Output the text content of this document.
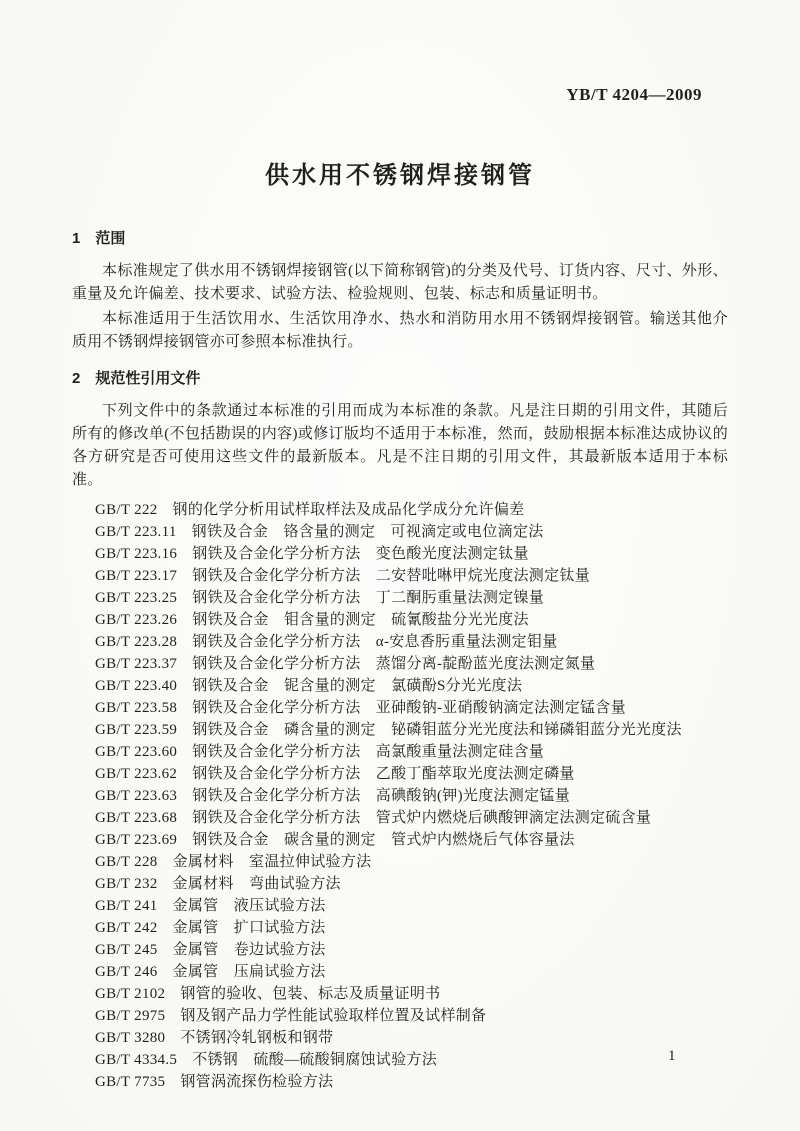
YB/T 4204—2009
供水用不锈钢焊接钢管
1 范围

本标准规定了供水用不锈钢焊接钢管(以下简称钢管)的分类及代号、订货内容、尺寸、外形、重量及允许偏差、技术要求、试验方法、检验规则、包装、标志和质量证明书。

本标准适用于生活饮用水、生活饮用净水、热水和消防用水用不锈钢焊接钢管。输送其他介质用不锈钢焊接钢管亦可参照本标准执行。

2 规范性引用文件

下列文件中的条款通过本标准的引用而成为本标准的条款。凡是注日期的引用文件，其随后所有的修改单(不包括勘误的内容)或修订版均不适用于本标准，然而，鼓励根据本标准达成协议的各方研究是否可使用这些文件的最新版本。凡是不注日期的引用文件，其最新版本适用于本标准。

GB/T 222 钢的化学分析用试样取样法及成品化学成分允许偏差
GB/T 223.11 钢铁及合金　铬含量的测定　可视滴定或电位滴定法
GB/T 223.16 钢铁及合金化学分析方法　变色酸光度法测定钛量
GB/T 223.17 钢铁及合金化学分析方法　二安替吡啉甲烷光度法测定钛量
GB/T 223.25 钢铁及合金化学分析方法　丁二酮肟重量法测定镍量
GB/T 223.26 钢铁及合金　钼含量的测定　硫氰酸盐分光光度法
GB/T 223.28 钢铁及合金化学分析方法　α-安息香肟重量法测定钼量
GB/T 223.37 钢铁及合金化学分析方法　蒸馏分离-靛酚蓝光度法测定氮量
GB/T 223.40 钢铁及合金　铌含量的测定　氯磺酚S分光光度法
GB/T 223.58 钢铁及合金化学分析方法　亚砷酸钠-亚硝酸钠滴定法测定锰含量
GB/T 223.59 钢铁及合金　磷含量的测定　铋磷钼蓝分光光度法和锑磷钼蓝分光光度法
GB/T 223.60 钢铁及合金化学分析方法　高氯酸重量法测定硅含量
GB/T 223.62 钢铁及合金化学分析方法　乙酸丁酯萃取光度法测定磷量
GB/T 223.63 钢铁及合金化学分析方法　高碘酸钠(钾)光度法测定锰量
GB/T 223.68 钢铁及合金化学分析方法　管式炉内燃烧后碘酸钾滴定法测定硫含量
GB/T 223.69 钢铁及合金　碳含量的测定　管式炉内燃烧后气体容量法
GB/T 228 金属材料　室温拉伸试验方法
GB/T 232 金属材料　弯曲试验方法
GB/T 241 金属管　液压试验方法
GB/T 242 金属管　扩口试验方法
GB/T 245 金属管　卷边试验方法
GB/T 246 金属管　压扁试验方法
GB/T 2102 钢管的验收、包装、标志及质量证明书
GB/T 2975 钢及钢产品力学性能试验取样位置及试样制备
GB/T 3280 不锈钢冷轧钢板和钢带
GB/T 4334.5 不锈钢　硫酸—硫酸铜腐蚀试验方法
GB/T 7735 钢管涡流探伤检验方法
1
